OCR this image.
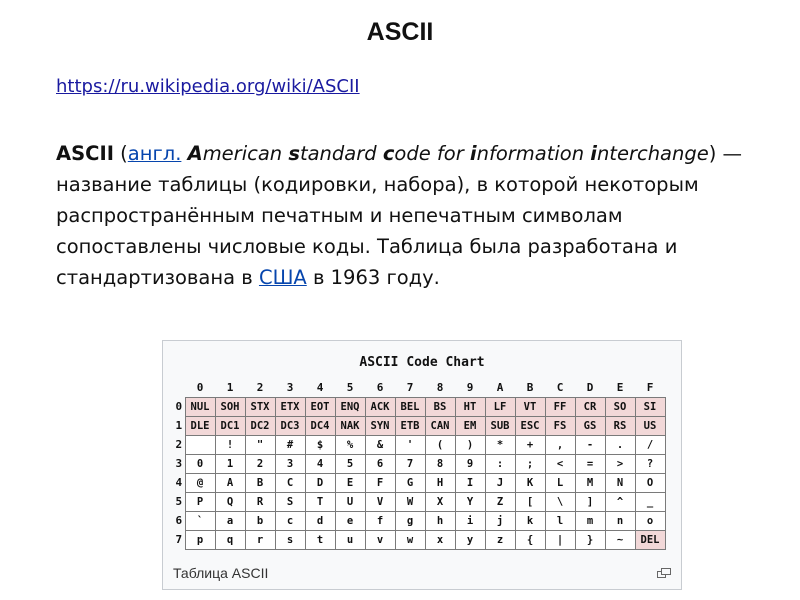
ASCII
https://ru.wikipedia.org/wiki/ASCII
ASCII (англ. American standard code for information interchange) — название таблицы (кодировки, набора), в которой некоторым распространённым печатным и непечатным символам сопоставлены числовые коды. Таблица была разработана и стандартизована в США в 1963 году.
ASCII Code Chart
	0	1	2	3	4	5	6	7	8	9	A	B	C	D	E	F
0	NUL	SOH	STX	ETX	EOT	ENQ	ACK	BEL	BS	HT	LF	VT	FF	CR	SO	SI
1	DLE	DC1	DC2	DC3	DC4	NAK	SYN	ETB	CAN	EM	SUB	ESC	FS	GS	RS	US
2		!	"	#	$	%	&	'	(	)	*	+	,	-	.	/
3	0	1	2	3	4	5	6	7	8	9	:	;	<	=	>	?
4	@	A	B	C	D	E	F	G	H	I	J	K	L	M	N	O
5	P	Q	R	S	T	U	V	W	X	Y	Z	[	\	]	^	_
6	`	a	b	c	d	e	f	g	h	i	j	k	l	m	n	o
7	p	q	r	s	t	u	v	w	x	y	z	{	|	}	~	DEL
Таблица ASCII
